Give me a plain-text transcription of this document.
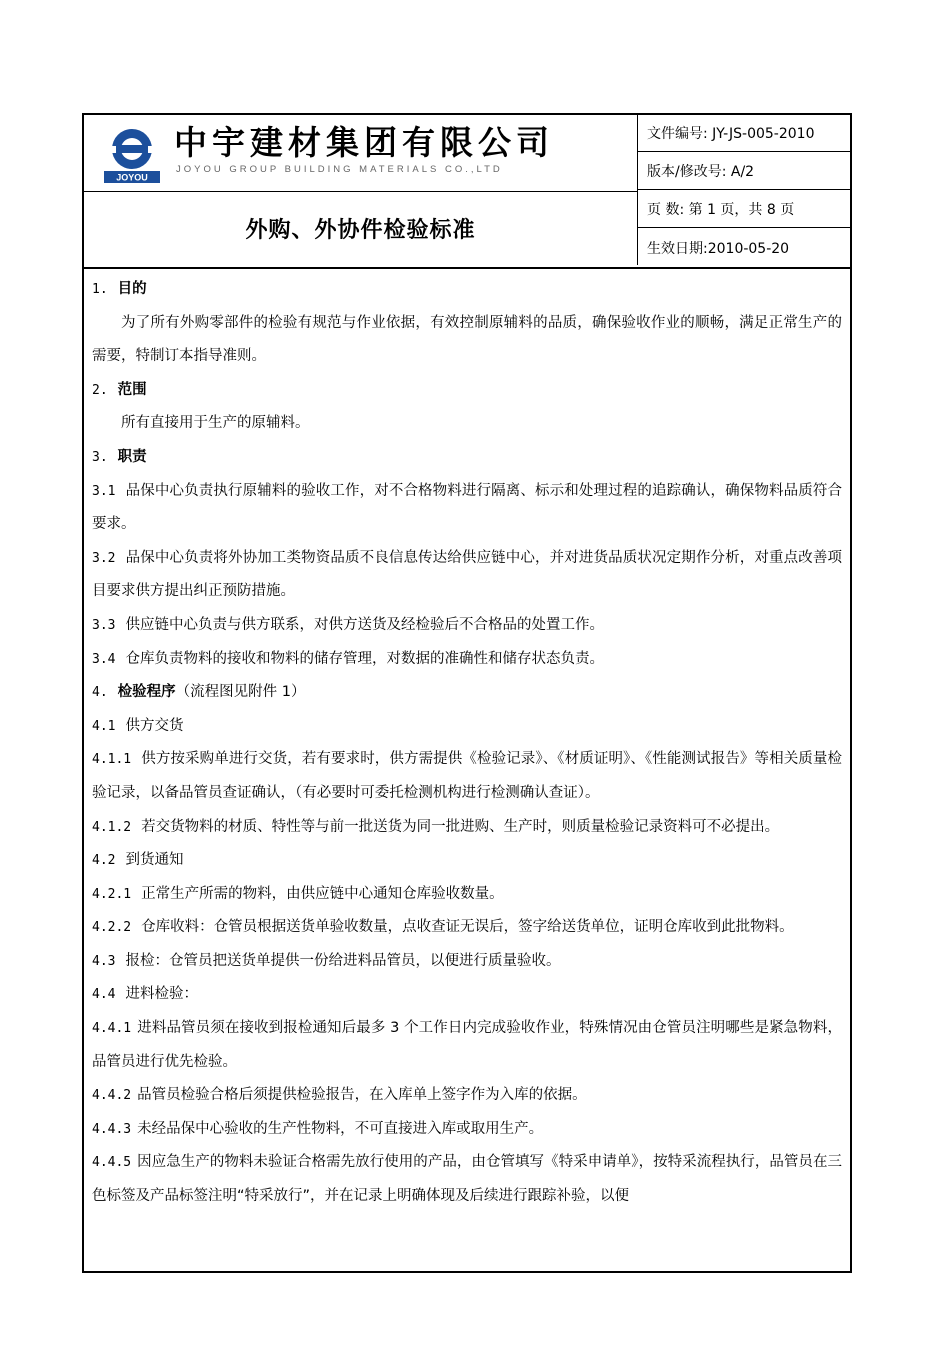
JOYOU
中宇建材集团有限公司
JOYOU GROUP BUILDING MATERIALS CO.,LTD
外购、外协件检验标准
文件编号: JY-JS-005-2010
版本/修改号: A/2
页 数: 第 1 页，共 8 页
生效日期:2010-05-20

1. 目的

为了所有外购零部件的检验有规范与作业依据，有效控制原辅料的品质，确保验收作业的顺畅，满足正常生产的需要，特制订本指导准则。

2. 范围

所有直接用于生产的原辅料。

3. 职责

3.1 品保中心负责执行原辅料的验收工作，对不合格物料进行隔离、标示和处理过程的追踪确认，确保物料品质符合要求。

3.2 品保中心负责将外协加工类物资品质不良信息传达给供应链中心，并对进货品质状况定期作分析，对重点改善项目要求供方提出纠正预防措施。

3.3 供应链中心负责与供方联系，对供方送货及经检验后不合格品的处置工作。

3.4 仓库负责物料的接收和物料的储存管理，对数据的准确性和储存状态负责。

4. 检验程序（流程图见附件 1）

4.1 供方交货

4.1.1 供方按采购单进行交货，若有要求时，供方需提供《检验记录》、《材质证明》、《性能测试报告》等相关质量检验记录，以备品管员查证确认，（有必要时可委托检测机构进行检测确认查证）。

4.1.2 若交货物料的材质、特性等与前一批送货为同一批进购、生产时，则质量检验记录资料可不必提出。

4.2 到货通知

4.2.1 正常生产所需的物料，由供应链中心通知仓库验收数量。

4.2.2 仓库收料：仓管员根据送货单验收数量，点收查证无误后，签字给送货单位，证明仓库收到此批物料。

4.3 报检：仓管员把送货单提供一份给进料品管员，以便进行质量验收。

4.4 进料检验：

4.4.1 进料品管员须在接收到报检通知后最多 3 个工作日内完成验收作业，特殊情况由仓管员注明哪些是紧急物料，品管员进行优先检验。

4.4.2 品管员检验合格后须提供检验报告，在入库单上签字作为入库的依据。

4.4.3 未经品保中心验收的生产性物料，不可直接进入库或取用生产。

4.4.5 因应急生产的物料未验证合格需先放行使用的产品，由仓管填写《特采申请单》，按特采流程执行，品管员在三色标签及产品标签注明“特采放行”，并在记录上明确体现及后续进行跟踪补验，以便
